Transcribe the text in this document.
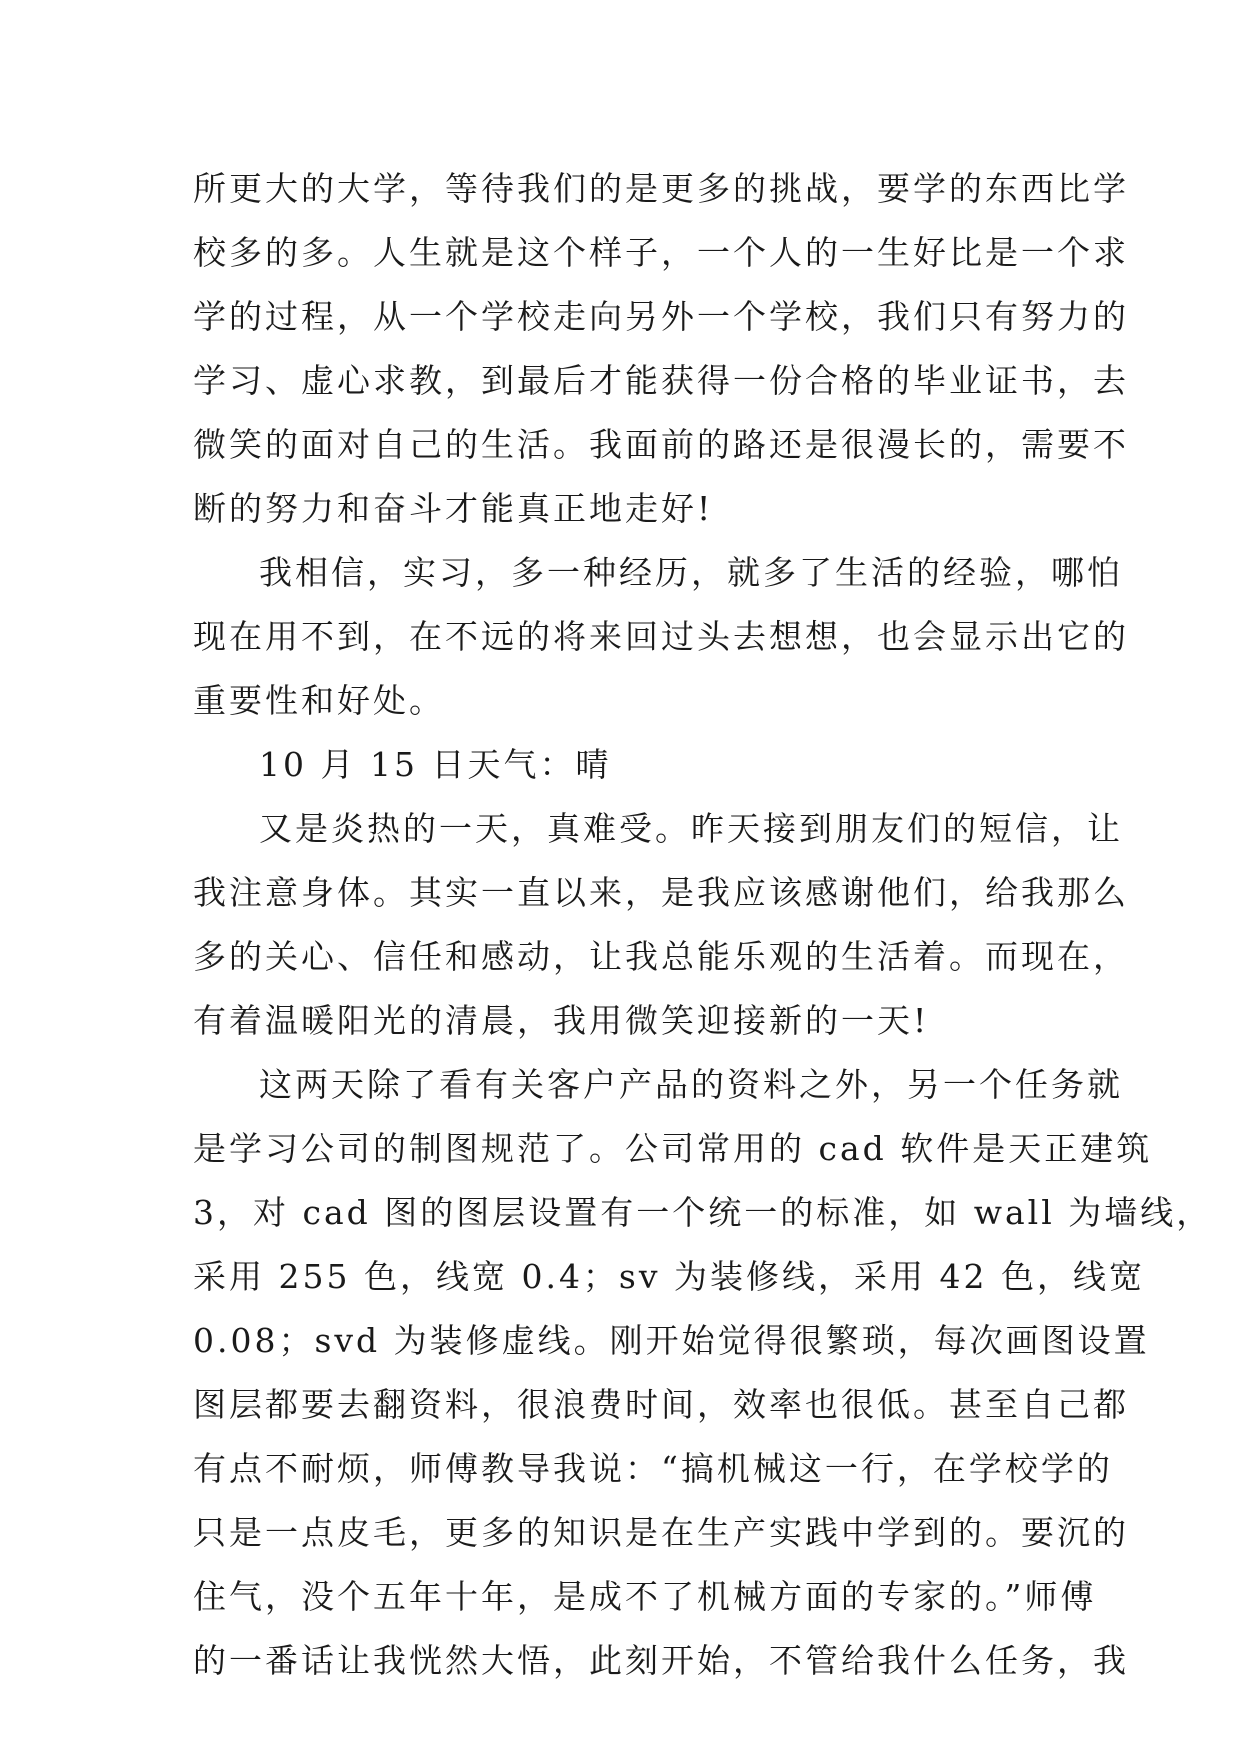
所更大的大学，等待我们的是更多的挑战，要学的东西比学
校多的多。人生就是这个样子，一个人的一生好比是一个求
学的过程，从一个学校走向另外一个学校，我们只有努力的
学习、虚心求教，到最后才能获得一份合格的毕业证书，去
微笑的面对自己的生活。我面前的路还是很漫长的，需要不
断的努力和奋斗才能真正地走好!
我相信，实习，多一种经历，就多了生活的经验，哪怕
现在用不到，在不远的将来回过头去想想，也会显示出它的
重要性和好处。
10 月 15 日天气：晴
又是炎热的一天，真难受。昨天接到朋友们的短信，让
我注意身体。其实一直以来，是我应该感谢他们，给我那么
多的关心、信任和感动，让我总能乐观的生活着。而现在，
有着温暖阳光的清晨，我用微笑迎接新的一天!
这两天除了看有关客户产品的资料之外，另一个任务就
是学习公司的制图规范了。公司常用的 cad 软件是天正建筑
3，对 cad 图的图层设置有一个统一的标准，如 wall 为墙线，
采用 255 色，线宽 0.4；sv 为装修线，采用 42 色，线宽
0.08；svd 为装修虚线。刚开始觉得很繁琐，每次画图设置
图层都要去翻资料，很浪费时间，效率也很低。甚至自己都
有点不耐烦，师傅教导我说：“搞机械这一行，在学校学的
只是一点皮毛，更多的知识是在生产实践中学到的。要沉的
住气，没个五年十年，是成不了机械方面的专家的。”师傅
的一番话让我恍然大悟，此刻开始，不管给我什么任务，我
